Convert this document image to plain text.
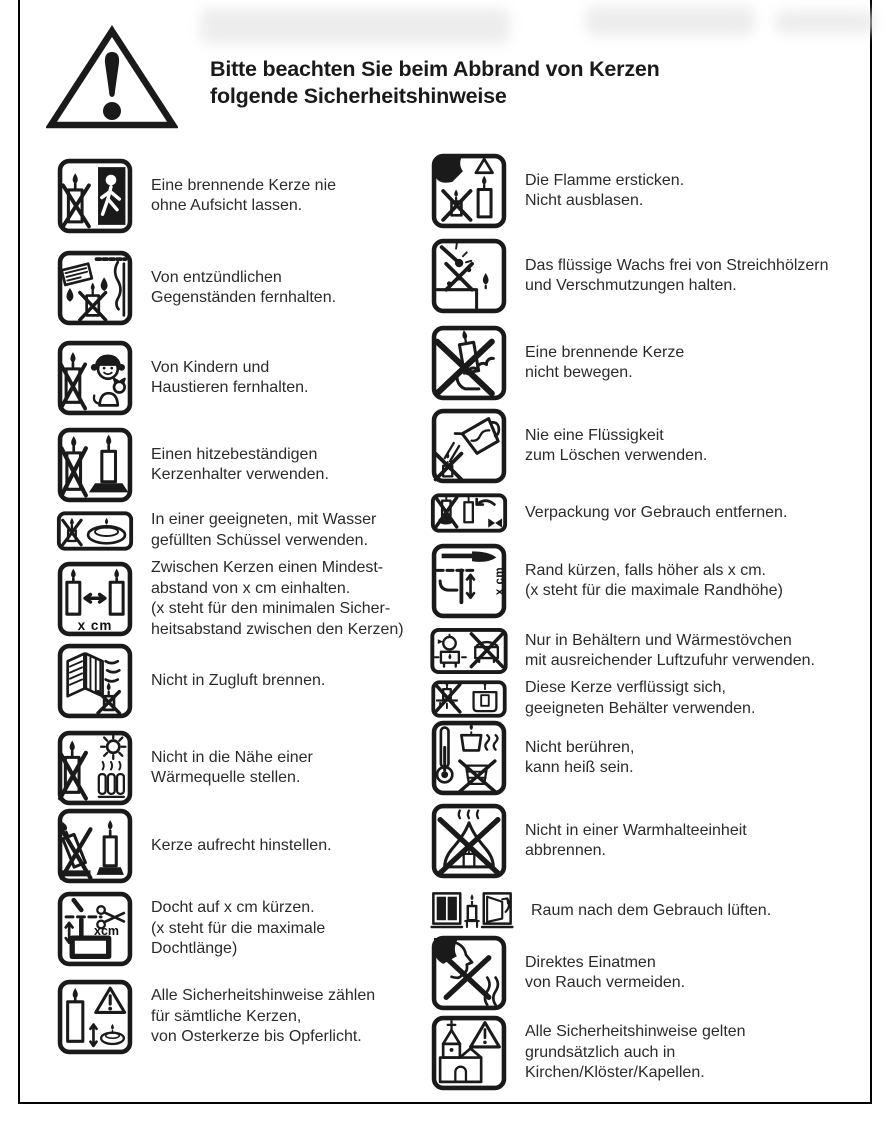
Bitte beachten Sie beim Abbrand von Kerzen
folgende Sicherheitshinweise
Eine brennende Kerze nie
ohne Aufsicht lassen.
Von entzündlichen
Gegenständen fernhalten.
Von Kindern und
Haustieren fernhalten.
Einen hitzebeständigen
Kerzenhalter verwenden.
In einer geeigneten, mit Wasser
gefüllten Schüssel verwenden.
x cm
Zwischen Kerzen einen Mindest-
abstand von x cm einhalten.
(x steht für den minimalen Sicher-
heitsabstand zwischen den Kerzen)
Nicht in Zugluft brennen.
Nicht in die Nähe einer
Wärmequelle stellen.
Kerze aufrecht hinstellen.
xcm
Docht auf x cm kürzen.
(x steht für die maximale
Dochtlänge)
Alle Sicherheitshinweise zählen
für sämtliche Kerzen,
von Osterkerze bis Opferlicht.
Die Flamme ersticken.
Nicht ausblasen.
Das flüssige Wachs frei von Streichhölzern
und Verschmutzungen halten.
Eine brennende Kerze
nicht bewegen.
Nie eine Flüssigkeit
zum Löschen verwenden.
Verpackung vor Gebrauch entfernen.
x cm Rand kürzen, falls höher als x cm.
(x steht für die maximale Randhöhe)
Nur in Behältern und Wärmestövchen
mit ausreichender Luftzufuhr verwenden.
Diese Kerze verflüssigt sich,
geeigneten Behälter verwenden.
Nicht berühren,
kann heiß sein.
Nicht in einer Warmhalteeinheit
abbrennen.
Raum nach dem Gebrauch lüften.
Direktes Einatmen
von Rauch vermeiden.
Alle Sicherheitshinweise gelten
grundsätzlich auch in
Kirchen/Klöster/Kapellen.
